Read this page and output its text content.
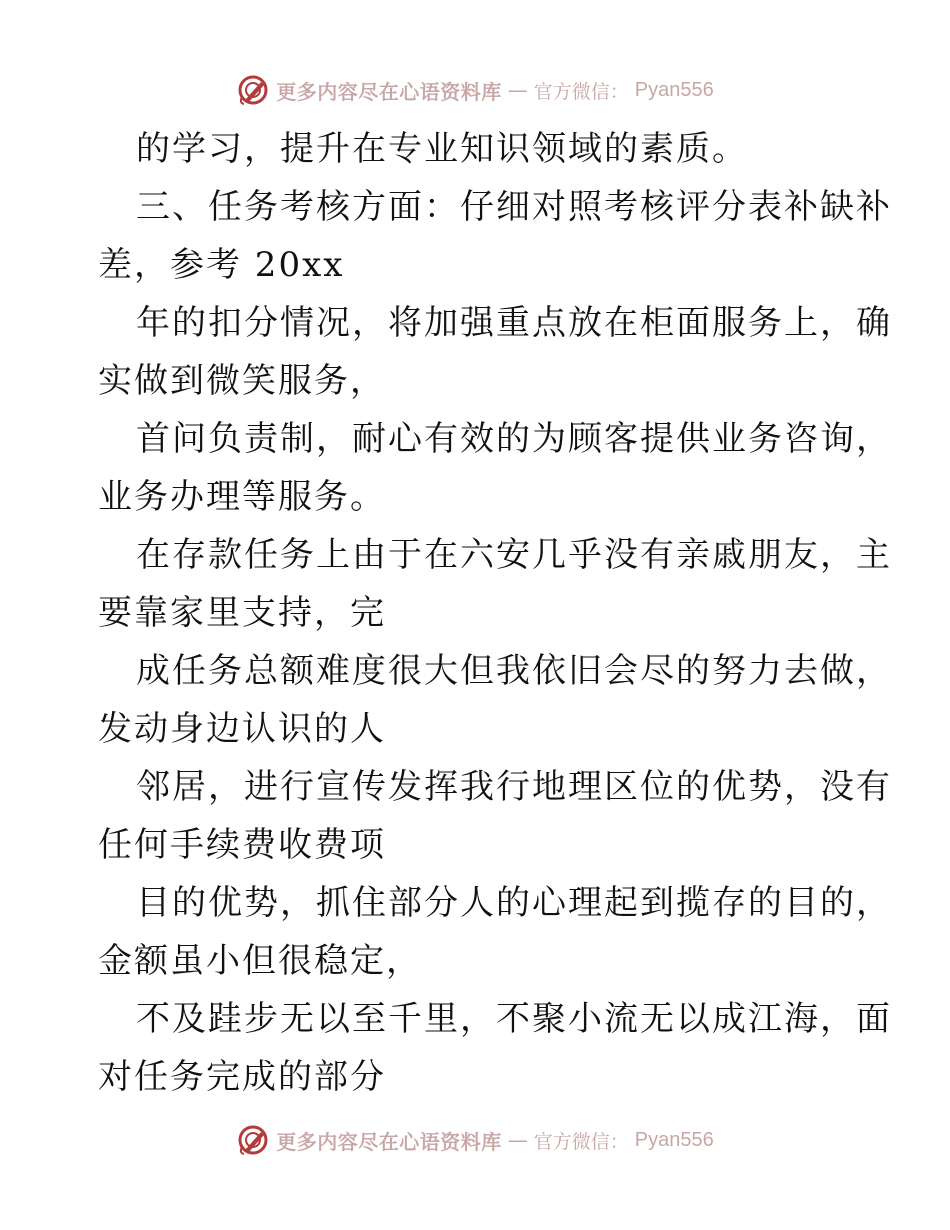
更多内容尽在心语资料库 — 官方微信： Pyan556
的学习，提升在专业知识领域的素质。
三、任务考核方面：仔细对照考核评分表补缺补
差，参考 20xx
年的扣分情况，将加强重点放在柜面服务上，确
实做到微笑服务，
首问负责制，耐心有效的为顾客提供业务咨询，
业务办理等服务。
在存款任务上由于在六安几乎没有亲戚朋友，主
要靠家里支持，完
成任务总额难度很大但我依旧会尽的努力去做，
发动身边认识的人
邻居，进行宣传发挥我行地理区位的优势，没有
任何手续费收费项
目的优势，抓住部分人的心理起到揽存的目的，
金额虽小但很稳定，
不及跬步无以至千里，不聚小流无以成江海，面
对任务完成的部分
更多内容尽在心语资料库 — 官方微信： Pyan556
